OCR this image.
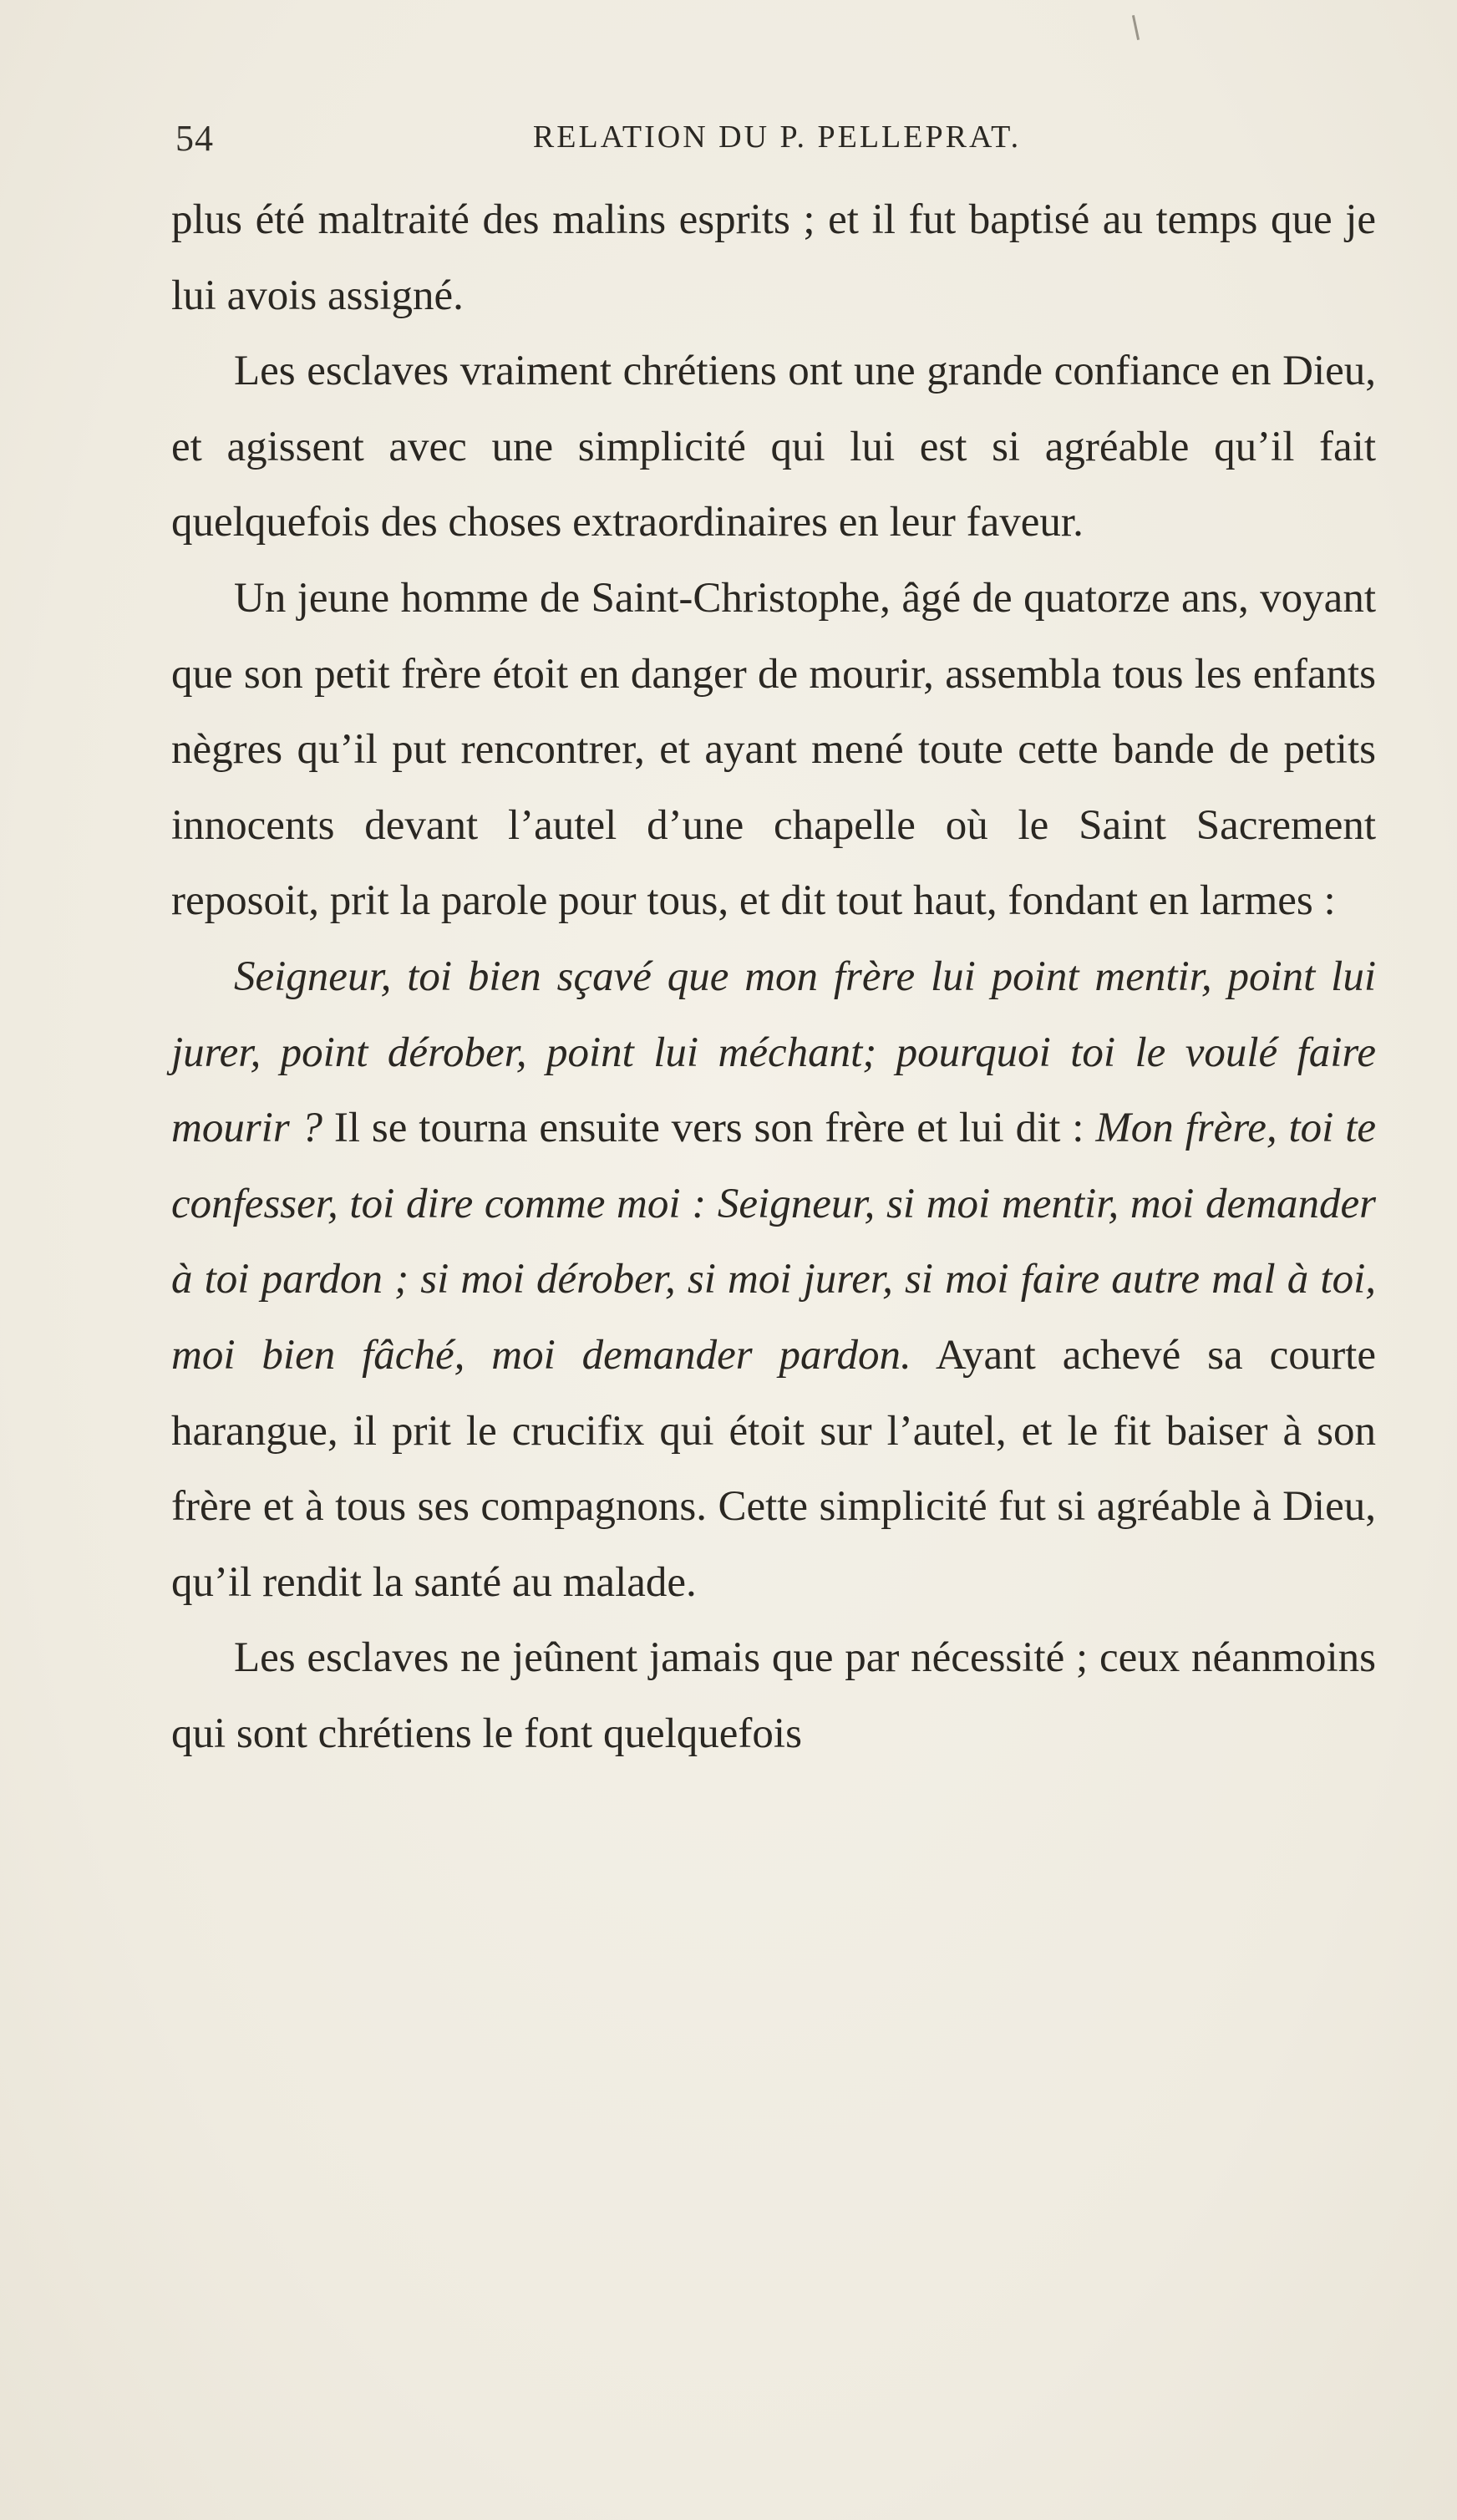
54	RELATION DU P. PELLEPRAT.

plus été maltraité des malins esprits ; et il fut baptisé au temps que je lui avois assigné.

Les esclaves vraiment chrétiens ont une grande confiance en Dieu, et agissent avec une simplicité qui lui est si agréable qu’il fait quelquefois des choses extraordinaires en leur faveur.

Un jeune homme de Saint-Christophe, âgé de quatorze ans, voyant que son petit frère étoit en danger de mourir, assembla tous les enfants nègres qu’il put rencontrer, et ayant mené toute cette bande de petits innocents devant l’autel d’une chapelle où le Saint Sacrement reposoit, prit la parole pour tous, et dit tout haut, fondant en larmes :

Seigneur, toi bien sçavé que mon frère lui point mentir, point lui jurer, point dérober, point lui méchant; pourquoi toi le voulé faire mourir ? Il se tourna ensuite vers son frère et lui dit : Mon frère, toi te confesser, toi dire comme moi : Seigneur, si moi mentir, moi demander à toi pardon ; si moi dérober, si moi jurer, si moi faire autre mal à toi, moi bien fâché, moi demander pardon. Ayant achevé sa courte harangue, il prit le crucifix qui étoit sur l’autel, et le fit baiser à son frère et à tous ses compagnons. Cette simplicité fut si agréable à Dieu, qu’il rendit la santé au malade.

Les esclaves ne jeûnent jamais que par nécessité ; ceux néanmoins qui sont chrétiens le font quelquefois
